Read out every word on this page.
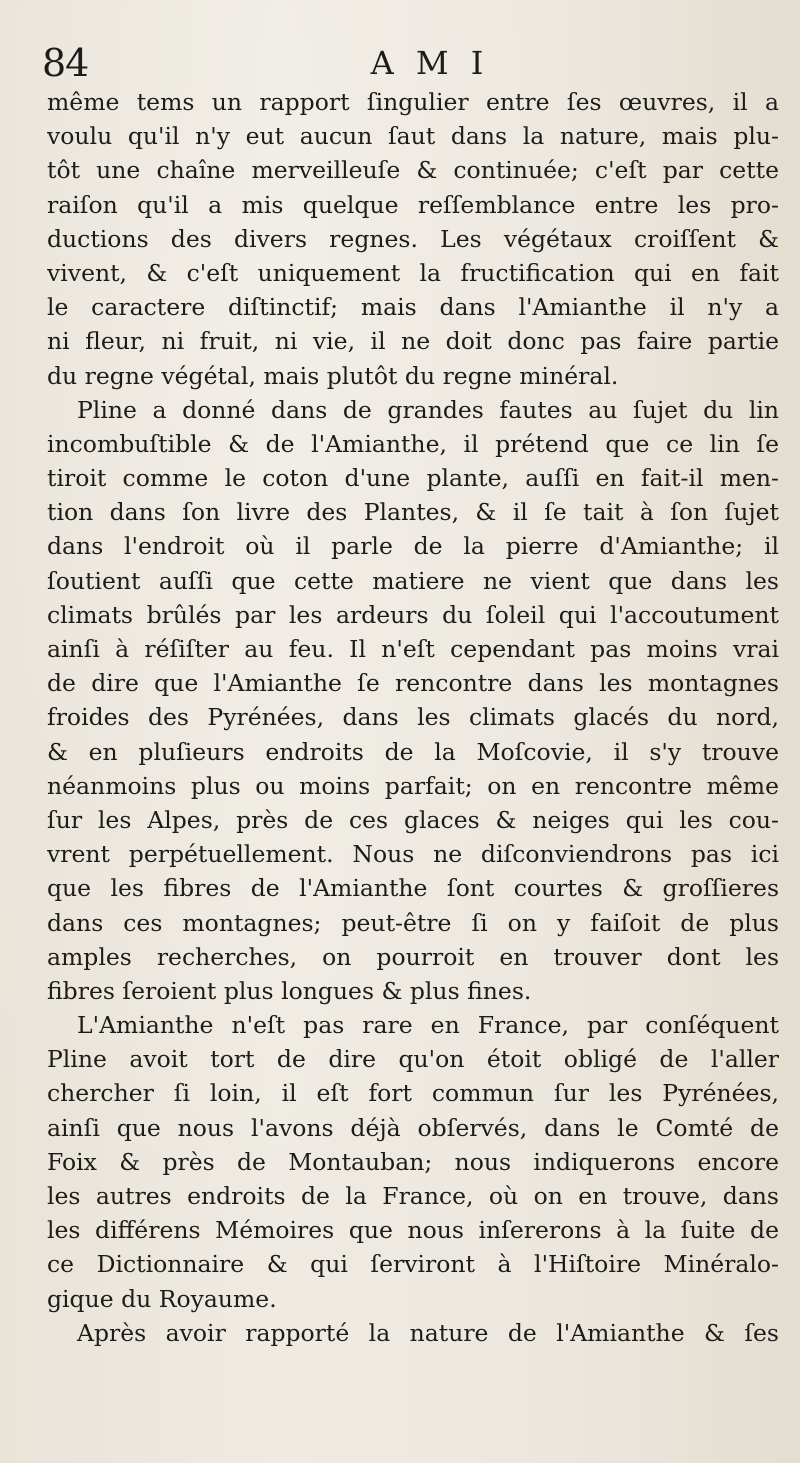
84	A M I
même tems un rapport ſingulier entre ſes œuvres, il a
voulu qu'il n'y eut aucun ſaut dans la nature, mais plu-
tôt une chaîne merveilleuſe & continuée; c'eſt par cette
raiſon qu'il a mis quelque reſſemblance entre les pro-
ductions des divers regnes. Les végétaux croiſſent &
vivent, & c'eſt uniquement la fructification qui en fait
le caractere diſtinctif; mais dans l'Amianthe il n'y a
ni fleur, ni fruit, ni vie, il ne doit donc pas faire partie
du regne végétal, mais plutôt du regne minéral.
Pline a donné dans de grandes fautes au ſujet du lin
incombuſtible & de l'Amianthe, il prétend que ce lin ſe
tiroit comme le coton d'une plante, auſſi en fait-il men-
tion dans ſon livre des Plantes, & il ſe tait à ſon ſujet
dans l'endroit où il parle de la pierre d'Amianthe; il
ſoutient auſſi que cette matiere ne vient que dans les
climats brûlés par les ardeurs du ſoleil qui l'accoutument
ainſi à réſiſter au feu. Il n'eſt cependant pas moins vrai
de dire que l'Amianthe ſe rencontre dans les montagnes
froides des Pyrénées, dans les climats glacés du nord,
& en pluſieurs endroits de la Moſcovie, il s'y trouve
néanmoins plus ou moins parfait; on en rencontre même
ſur les Alpes, près de ces glaces & neiges qui les cou-
vrent perpétuellement. Nous ne diſconviendrons pas ici
que les fibres de l'Amianthe ſont courtes & groſſieres
dans ces montagnes; peut-être ſi on y faiſoit de plus
amples recherches, on pourroit en trouver dont les
fibres ſeroient plus longues & plus fines.
L'Amianthe n'eſt pas rare en France, par conſéquent
Pline avoit tort de dire qu'on étoit obligé de l'aller
chercher ſi loin, il eſt fort commun ſur les Pyrénées,
ainſi que nous l'avons déjà obſervés, dans le Comté de
Foix & près de Montauban; nous indiquerons encore
les autres endroits de la France, où on en trouve, dans
les différens Mémoires que nous inſererons à la ſuite de
ce Dictionnaire & qui ſerviront à l'Hiſtoire Minéralo-
gique du Royaume.
Après avoir rapporté la nature de l'Amianthe & ſes
